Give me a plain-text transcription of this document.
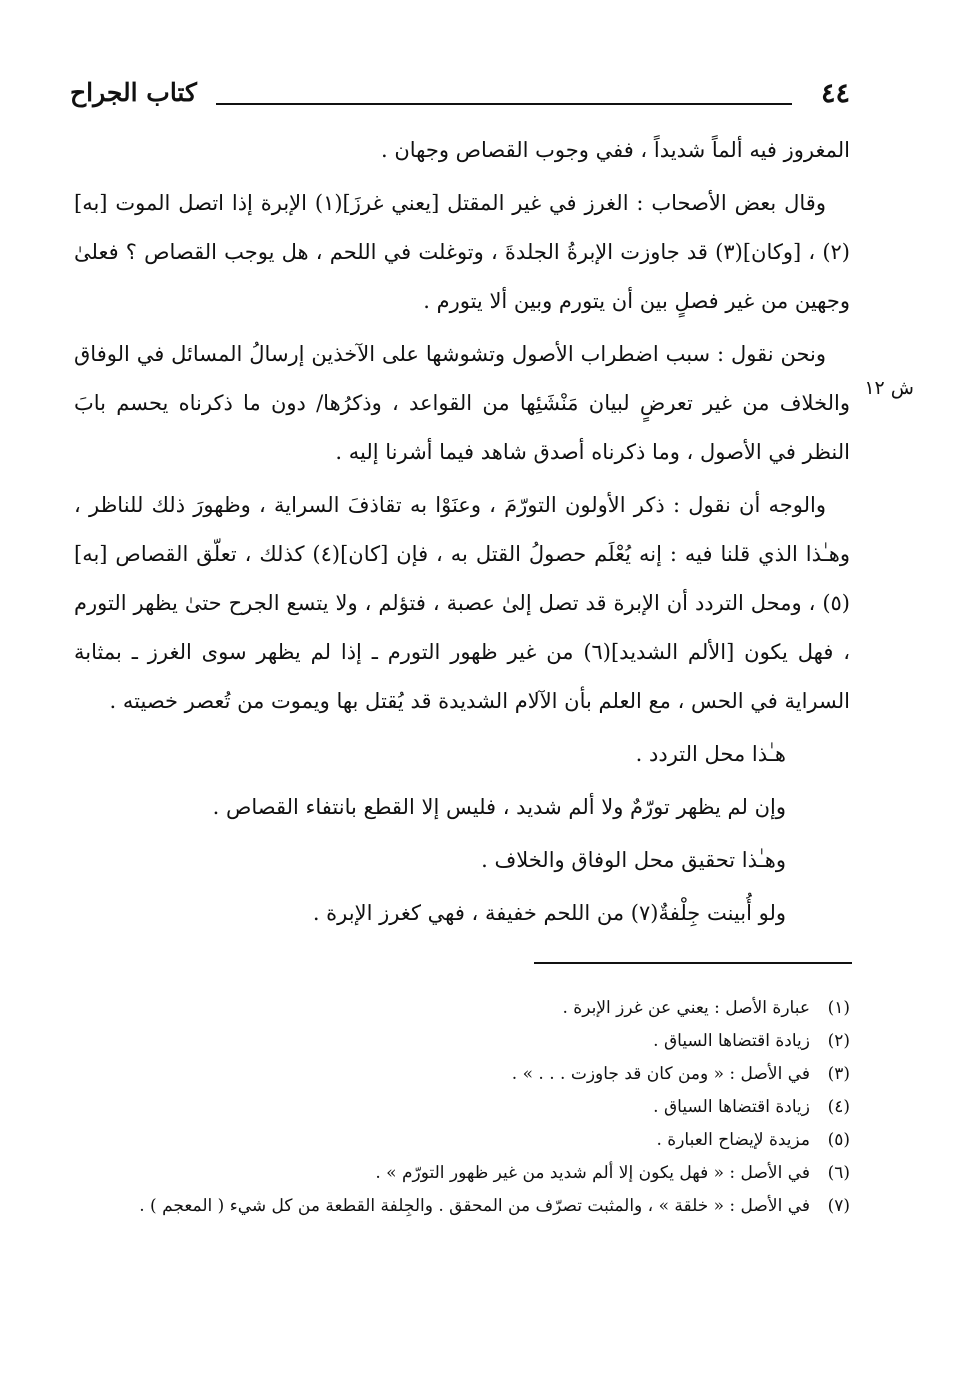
٤٤
كتاب الجراح

المغروز فيه ألماً شديداً ، ففي وجوب القصاص وجهان .

وقال بعض الأصحاب : الغرز في غير المقتل [يعني غرزَ](١) الإبرة إذا اتصل الموت [به](٢) ، [وكان](٣) قد جاوزت الإبرةُ الجلدةَ ، وتوغلت في اللحم ، هل يوجب القصاص ؟ فعلىٰ وجهين من غير فصلٍ بين أن يتورم وبين ألا يتورم .

ونحن نقول : سبب اضطراب الأصول وتشوشها على الآخذين إرسالُ المسائل في الوفاق والخلاف من غير تعرضٍ لبيان مَنْشَئِها من القواعد ، وذكرُها/ دون ما ذكرناه يحسم بابَ النظر في الأصول ، وما ذكرناه أصدق شاهد فيما أشرنا إليه .

والوجه أن نقول : ذكر الأولون التورّمَ ، وعنَوْا به تقاذفَ السراية ، وظهورَ ذلك للناظر ، وهـٰذا الذي قلنا فيه : إنه يُعْلَم حصولُ القتل به ، فإن [كان](٤) كذلك ، تعلّق القصاص [به](٥) ، ومحل التردد أن الإبرة قد تصل إلىٰ عصبة ، فتؤلم ، ولا يتسع الجرح حتىٰ يظهر التورم ، فهل يكون [الألم الشديد](٦) من غير ظهور التورم ـ إذا لم يظهر سوى الغرز ـ بمثابة السراية في الحس ، مع العلم بأن الآلام الشديدة قد يُقتل بها ويموت من تُعصر خصيته .

هـٰذا محل التردد .

وإن لم يظهر تورّمٌ ولا ألم شديد ، فليس إلا القطع بانتفاء القصاص .

وهـٰذا تحقيق محل الوفاق والخلاف .

ولو أُبينت جِلْفةٌ(٧) من اللحم خفيفة ، فهي كغرز الإبرة .

ش ١٢
(١)
عبارة الأصل : يعني عن غرز الإبرة .
(٢)
زيادة اقتضاها السياق .
(٣)
في الأصل : « ومن كان قد جاوزت . . . » .
(٤)
زيادة اقتضاها السياق .
(٥)
مزيدة لإيضاح العبارة .
(٦)
في الأصل : « فهل يكون إلا ألم شديد من غير ظهور التورّم » .
(٧)
في الأصل : « خلقة » ، والمثبت تصرّف من المحقق . والجِلفة القطعة من كل شيء ( المعجم ) .
